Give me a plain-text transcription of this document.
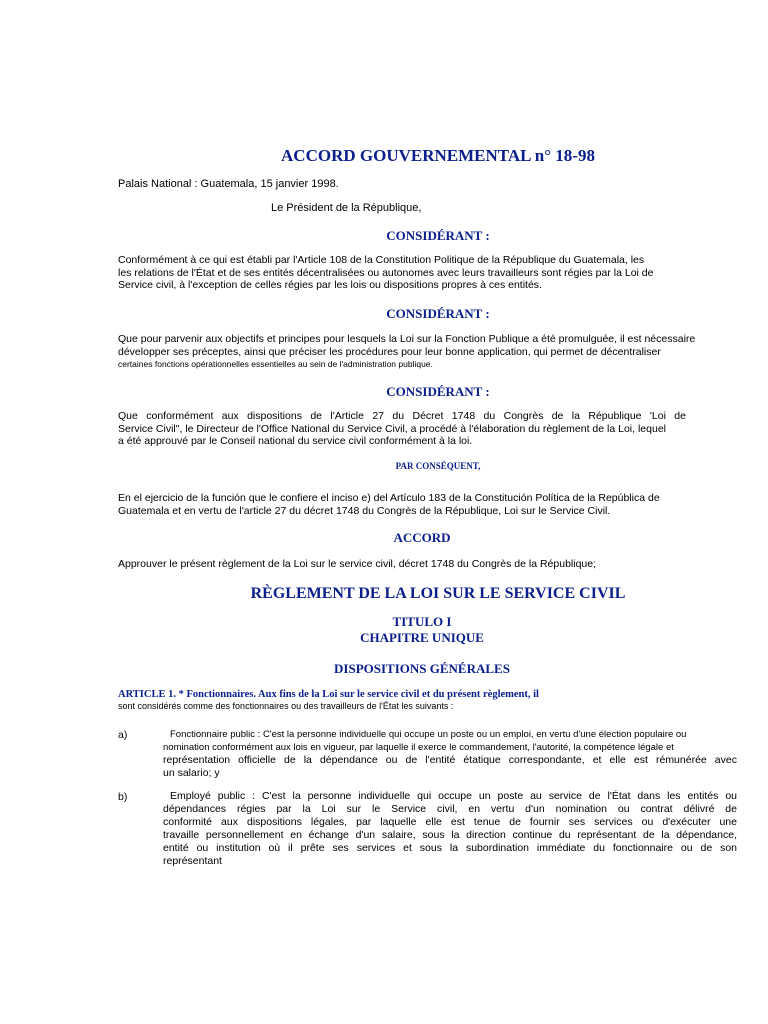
ACCORD GOUVERNEMENTAL n° 18-98

Palais National : Guatemala, 15 janvier 1998.

Le Président de la République,

CONSIDÉRANT :
Conformément à ce qui est établi par l'Article 108 de la Constitution Politique de la République du Guatemala, les
les relations de l'État et de ses entités décentralisées ou autonomes avec leurs travailleurs sont régies par la Loi de
Service civil, à l'exception de celles régies par les lois ou dispositions propres à ces entités.
CONSIDÉRANT :
Que pour parvenir aux objectifs et principes pour lesquels la Loi sur la Fonction Publique a été promulguée, il est nécessaire
développer ses préceptes, ainsi que préciser les procédures pour leur bonne application, qui permet de décentraliser
certaines fonctions opérationnelles essentielles au sein de l'administration publique.
CONSIDÉRANT :
Que conformément aux dispositions de l'Article 27 du Décret 1748 du Congrès de la République 'Loi de
Service Civil", le Directeur de l'Office National du Service Civil, a procédé à l'élaboration du règlement de la Loi, lequel
a été approuvé par le Conseil national du service civil conformément à la loi.
PAR CONSÉQUENT,
En el ejercicio de la función que le confiere el inciso e) del Artículo 183 de la Constitución Política de la República de
Guatemala et en vertu de l'article 27 du décret 1748 du Congrès de la République, Loi sur le Service Civil.
ACCORD

Approuver le présent règlement de la Loi sur le service civil, décret 1748 du Congrès de la République;

RÈGLEMENT DE LA LOI SUR LE SERVICE CIVIL
TITULO I
CHAPITRE UNIQUE
DISPOSITIONS GÉNÉRALES

ARTICLE 1. * Fonctionnaires. Aux fins de la Loi sur le service civil et du présent règlement, il

sont considérés comme des fonctionnaires ou des travailleurs de l'État les suivants :

a)	Fonctionnaire public : C'est la personne individuelle qui occupe un poste ou un emploi, en vertu d'une élection populaire ou
nomination conformément aux lois en vigueur, par laquelle il exerce le commandement, l'autorité, la compétence légale et
représentation officielle de la dépendance ou de l'entité étatique correspondante, et elle est rémunérée avec
un salario; y
b)	Employé public : C'est la personne individuelle qui occupe un poste au service de l'État dans les entités ou
dépendances régies par la Loi sur le Service civil, en vertu d'un nomination ou contrat délivré de
conformité aux dispositions légales, par laquelle elle est tenue de fournir ses services ou d'exécuter une
travaille personnellement en échange d'un salaire, sous la direction continue du représentant de la dépendance,
entité ou institution où il prête ses services et sous la subordination immédiate du fonctionnaire ou de son
représentant
